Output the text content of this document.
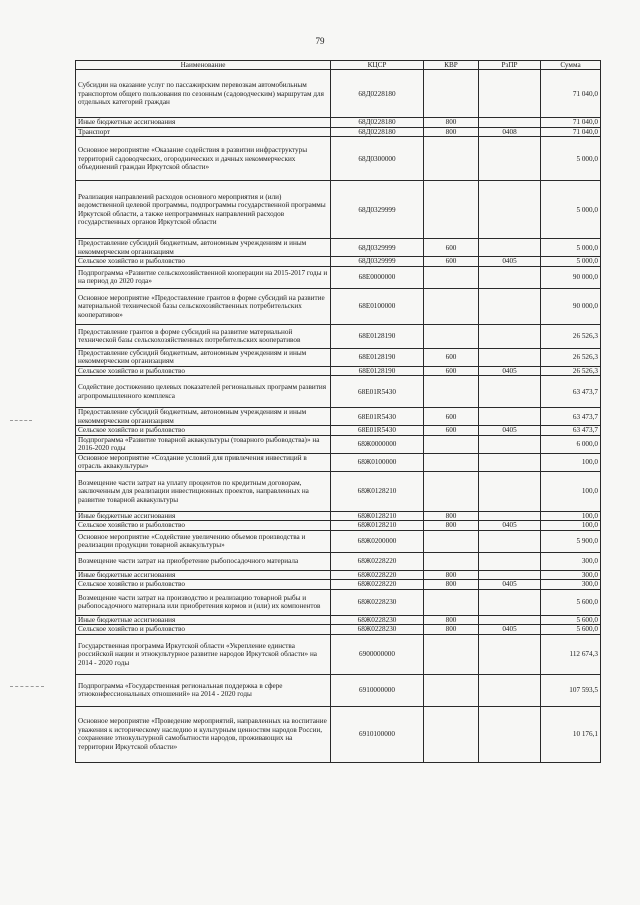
79
Наименование	КЦСР	КВР	РзПР	Сумма
Субсидии на оказание услуг по пассажирским перевозкам автомобильным транспортом общего пользования по сезонным (садоводческим) маршрутам для отдельных категорий граждан	68Д0228180			71 040,0
Иные бюджетные ассигнования	68Д0228180	800		71 040,0
Транспорт	68Д0228180	800	0408	71 040,0
Основное мероприятие «Оказание содействия в развитии инфраструктуры территорий садоводческих, огороднических и дачных некоммерческих объединений граждан Иркутской области»	68Д0300000			5 000,0
Реализация направлений расходов основного мероприятия и (или) ведомственной целевой программы, подпрограммы государственной программы Иркутской области, а также непрограммных направлений расходов государственных органов Иркутской области	68Д0329999			5 000,0
Предоставление субсидий бюджетным, автономным учреждениям и иным некоммерческим организациям	68Д0329999	600		5 000,0
Сельское хозяйство и рыболовство	68Д0329999	600	0405	5 000,0
Подпрограмма «Развитие сельскохозяйственной кооперации на 2015-2017 годы и на период до 2020 года»	68Е0000000			90 000,0
Основное мероприятие «Предоставление грантов в форме субсидий на развитие материальной технической базы сельскохозяйственных потребительских кооперативов»	68Е0100000			90 000,0
Предоставление грантов в форме субсидий на развитие материальной технической базы сельскохозяйственных потребительских кооперативов	68Е0128190			26 526,3
Предоставление субсидий бюджетным, автономным учреждениям и иным некоммерческим организациям	68Е0128190	600		26 526,3
Сельское хозяйство и рыболовство	68Е0128190	600	0405	26 526,3
Содействие достижению целевых показателей региональных программ развития агропромышленного комплекса	68Е01R5430			63 473,7
Предоставление субсидий бюджетным, автономным учреждениям и иным некоммерческим организациям	68Е01R5430	600		63 473,7
Сельское хозяйство и рыболовство	68Е01R5430	600	0405	63 473,7
Подпрограмма «Развитие товарной аквакультуры (товарного рыбоводства)» на 2016-2020 годы	68Ж0000000			6 000,0
Основное мероприятие «Создание условий для привлечения инвестиций в отрасль аквакультуры»	68Ж0100000			100,0
Возмещение части затрат на уплату процентов по кредитным договорам, заключенным для реализации инвестиционных проектов, направленных на развитие товарной аквакультуры	68Ж0128210			100,0
Иные бюджетные ассигнования	68Ж0128210	800		100,0
Сельское хозяйство и рыболовство	68Ж0128210	800	0405	100,0
Основное мероприятие «Содействие увеличению объемов производства и реализации продукции товарной аквакультуры»	68Ж0200000			5 900,0
Возмещение части затрат на приобретение рыбопосадочного материала	68Ж0228220			300,0
Иные бюджетные ассигнования	68Ж0228220	800		300,0
Сельское хозяйство и рыболовство	68Ж0228220	800	0405	300,0
Возмещение части затрат на производство и реализацию товарной рыбы и рыбопосадочного материала или приобретения кормов и (или) их компонентов	68Ж0228230			5 600,0
Иные бюджетные ассигнования	68Ж0228230	800		5 600,0
Сельское хозяйство и рыболовство	68Ж0228230	800	0405	5 600,0
Государственная программа Иркутской области «Укрепление единства российской нации и этнокультурное развитие народов Иркутской области» на 2014 - 2020 годы	6900000000			112 674,3
Подпрограмма «Государственная региональная поддержка в сфере этноконфессиональных отношений» на 2014 - 2020 годы	6910000000			107 593,5
Основное мероприятие «Проведение мероприятий, направленных на воспитание уважения к историческому наследию и культурным ценностям народов России, сохранение этнокультурной самобытности народов, проживающих на территории Иркутской области»	6910100000			10 176,1
